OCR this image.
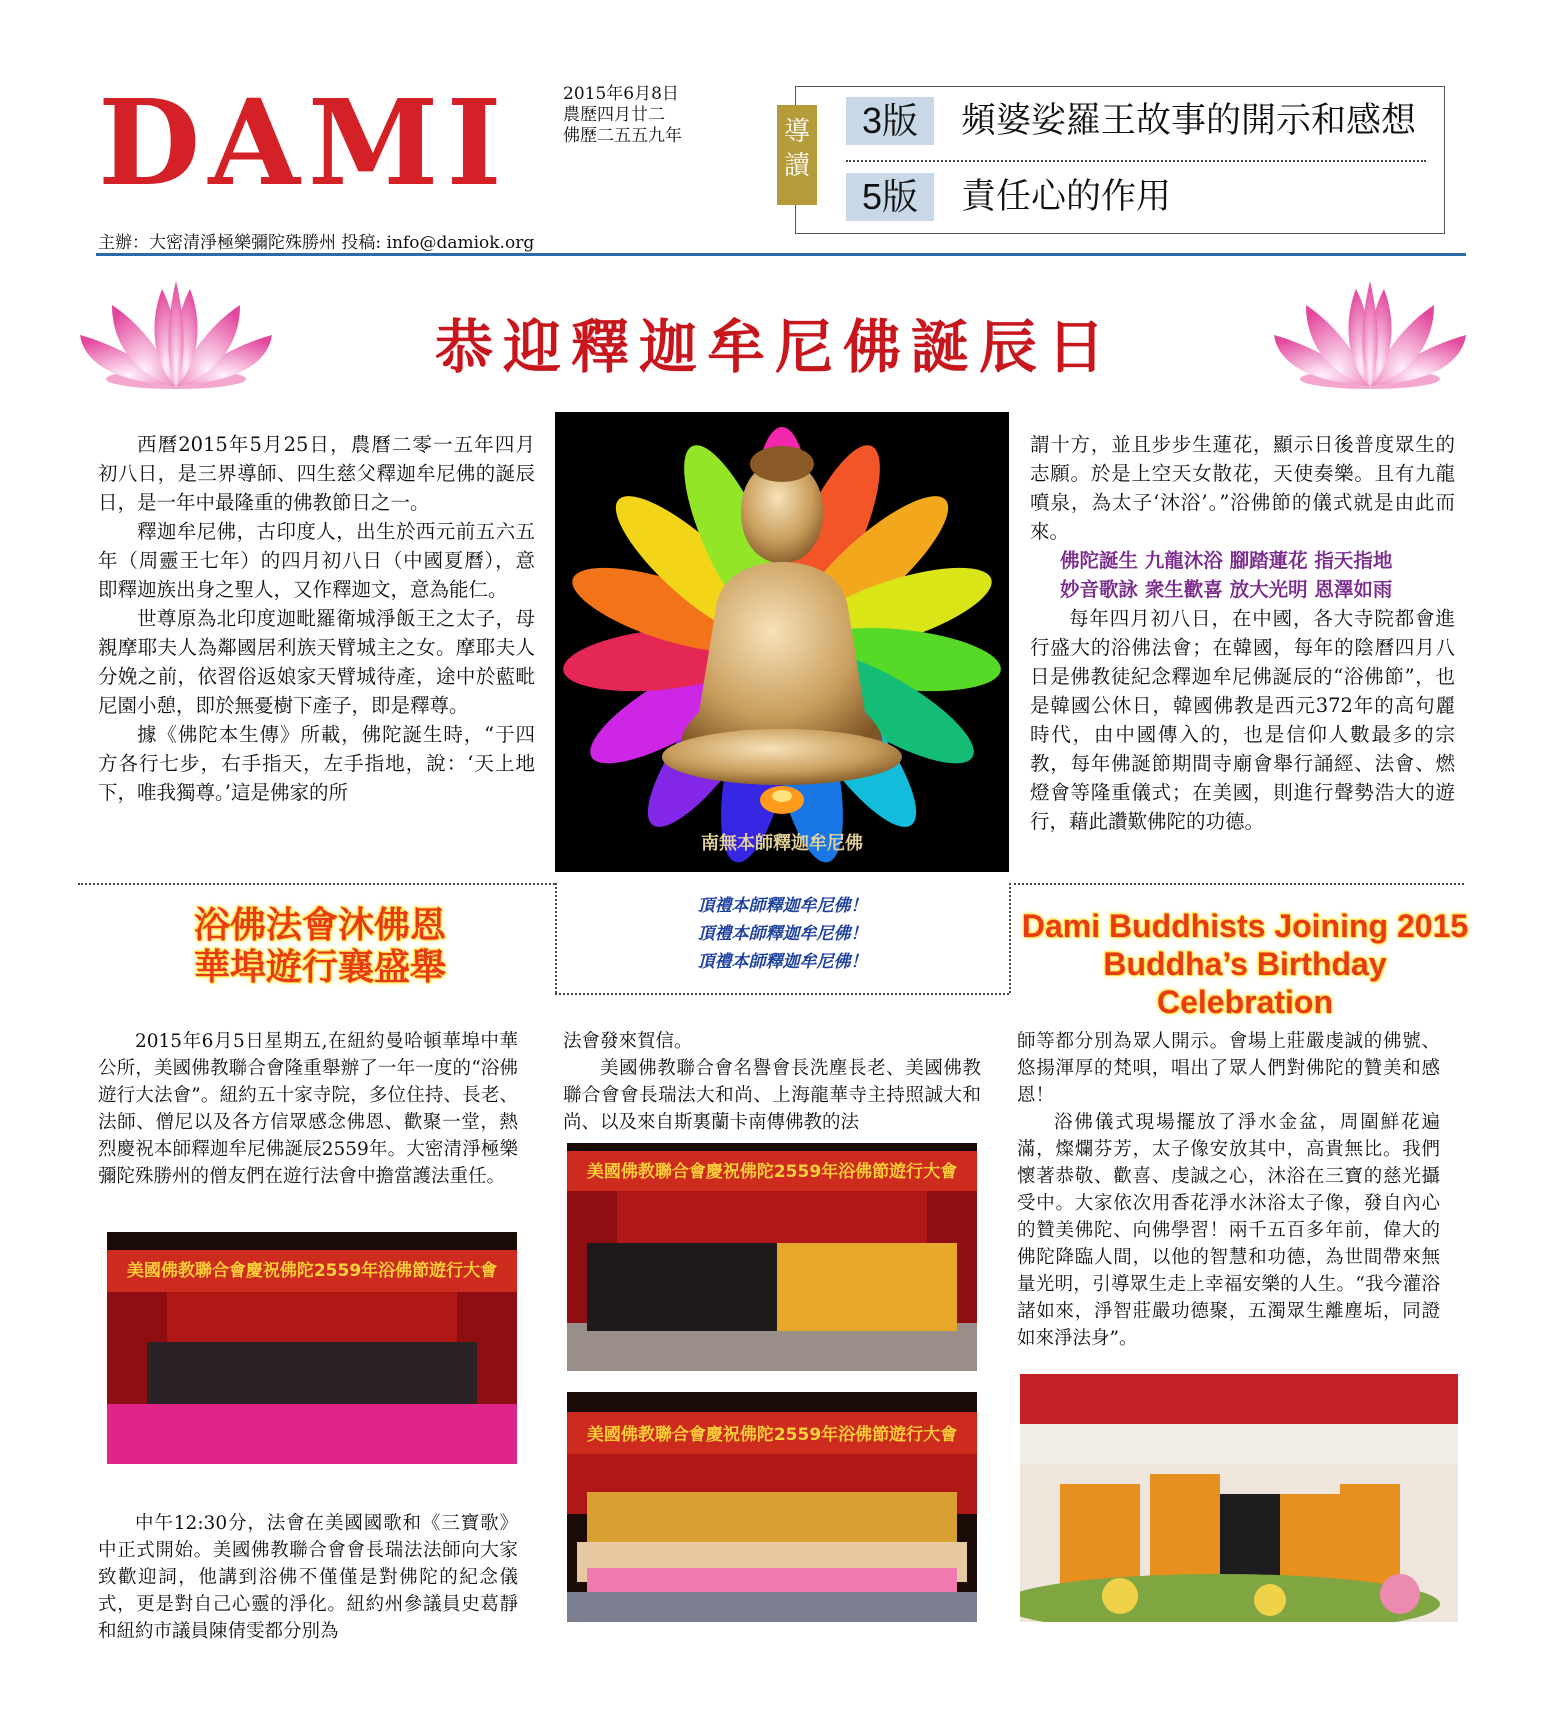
DAMI	2015年6月8日
農歷四月廿二
佛歷二五五九年	3版	頻婆娑羅王故事的開示和感想
5版	責任心的作用
導讀
主辦：大密清淨極樂彌陀殊勝州 投稿: info@damiok.org
恭迎釋迦牟尼佛誕辰日

西曆2015年5月25日，農曆二零一五年四月初八日，是三界導師、四生慈父釋迦牟尼佛的誕辰日，是一年中最隆重的佛教節日之一。

釋迦牟尼佛，古印度人，出生於西元前五六五年（周靈王七年）的四月初八日（中國夏曆），意即釋迦族出身之聖人，又作釋迦文，意為能仁。

世尊原為北印度迦毗羅衛城淨飯王之太子，母親摩耶夫人為鄰國居利族天臂城主之女。摩耶夫人分娩之前，依習俗返娘家天臂城待產，途中於藍毗尼園小憩，即於無憂樹下產子，即是釋尊。

據《佛陀本生傳》所載，佛陀誕生時，“于四方各行七步，右手指天，左手指地，說：‘天上地下，唯我獨尊。’這是佛家的所

南無本師釋迦牟尼佛

謂十方，並且步步生蓮花，顯示日後普度眾生的志願。於是上空天女散花，天使奏樂。且有九龍噴泉，為太子‘沐浴’。”浴佛節的儀式就是由此而來。

佛陀誕生 九龍沐浴 腳踏蓮花 指天指地

妙音歌詠 衆生歡喜 放大光明 恩澤如雨

每年四月初八日，在中國，各大寺院都會進行盛大的浴佛法會；在韓國，每年的陰曆四月八日是佛教徒紀念釋迦牟尼佛誕辰的“浴佛節”，也是韓國公休日，韓國佛教是西元372年的高句麗時代，由中國傳入的，也是信仰人數最多的宗教，每年佛誕節期間寺廟會舉行誦經、法會、燃燈會等隆重儀式；在美國，則進行聲勢浩大的遊行，藉此讚歎佛陀的功德。

浴佛法會沐佛恩
華埠遊行襄盛舉
頂禮本師釋迦牟尼佛！
頂禮本師釋迦牟尼佛！
頂禮本師釋迦牟尼佛！
Dami Buddhists Joining 2015
Buddha’s Birthday Celebration

2015年6月5日星期五,在紐約曼哈頓華埠中華公所，美國佛教聯合會隆重舉辦了一年一度的“浴佛遊行大法會”。紐約五十家寺院，多位住持、長老、法師、僧尼以及各方信眾感念佛恩、歡聚一堂，熱烈慶祝本師釋迦牟尼佛誕辰2559年。大密清淨極樂彌陀殊勝州的僧友們在遊行法會中擔當護法重任。

美國佛教聯合會慶祝佛陀2559年浴佛節遊行大會

中午12:30分，法會在美國國歌和《三寶歌》中正式開始。美國佛教聯合會會長瑞法法師向大家致歡迎詞，他講到浴佛不僅僅是對佛陀的紀念儀式，更是對自己心靈的淨化。紐約州參議員史葛靜和紐約市議員陳倩雯都分別為

法會發來賀信。

美國佛教聯合會名譽會長洗塵長老、美國佛教聯合會會長瑞法大和尚、上海龍華寺主持照誠大和尚、以及來自斯裏蘭卡南傳佛教的法

美國佛教聯合會慶祝佛陀2559年浴佛節遊行大會
美國佛教聯合會慶祝佛陀2559年浴佛節遊行大會

師等都分別為眾人開示。會場上莊嚴虔誠的佛號、悠揚渾厚的梵唄，唱出了眾人們對佛陀的贊美和感恩！

浴佛儀式現場擺放了淨水金盆，周圍鮮花遍滿，燦爛芬芳，太子像安放其中，高貴無比。我們懷著恭敬、歡喜、虔誠之心，沐浴在三寶的慈光攝受中。大家依次用香花淨水沐浴太子像，發自內心的贊美佛陀、向佛學習！兩千五百多年前，偉大的佛陀降臨人間，以他的智慧和功德，為世間帶來無量光明，引導眾生走上幸福安樂的人生。“我今灌浴諸如來，淨智莊嚴功德聚，五濁眾生離塵垢，同證如來淨法身”。
